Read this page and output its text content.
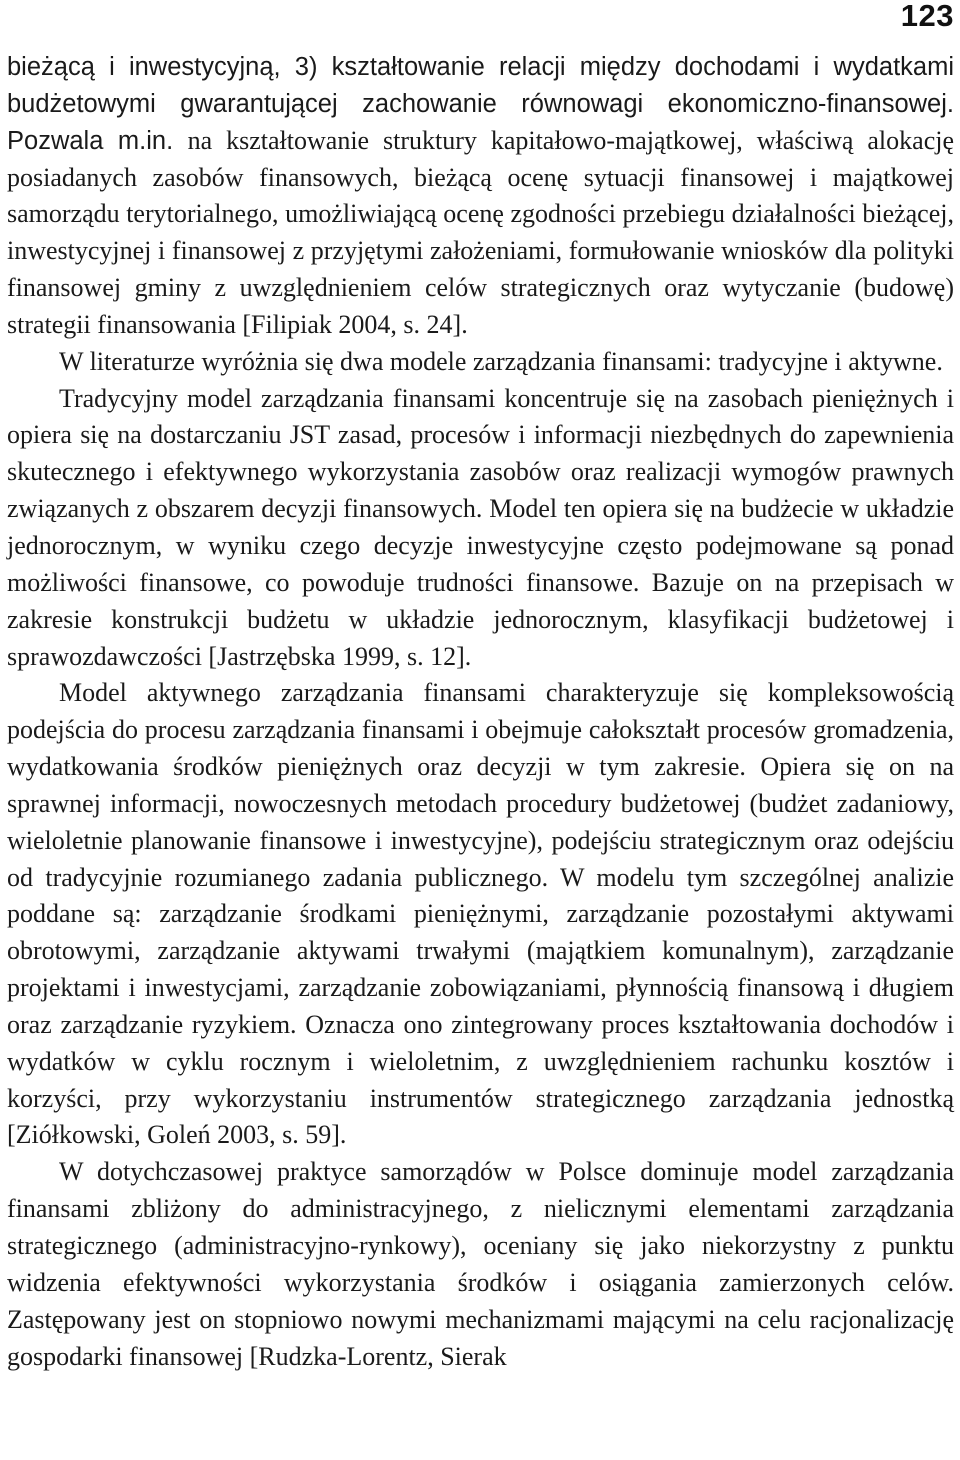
123

bieżącą i inwestycyjną, 3) kształtowanie relacji między dochodami i wydatkami budżetowymi gwarantującej zachowanie równowagi ekonomiczno-finansowej. Pozwala m.in. na kształtowanie struktury kapitałowo-majątkowej, właściwą alokację posiadanych zasobów finansowych, bieżącą ocenę sytuacji finansowej i majątkowej samorządu terytorialnego, umożliwiającą ocenę zgodności przebiegu działalności bieżącej, inwestycyjnej i finansowej z przyjętymi założeniami, formułowanie wniosków dla polityki finansowej gminy z uwzględnieniem celów strategicznych oraz wytyczanie (budowę) strategii finansowania [Filipiak 2004, s. 24].

W literaturze wyróżnia się dwa modele zarządzania finansami: tradycyjne i aktywne.

Tradycyjny model zarządzania finansami koncentruje się na zasobach pieniężnych i opiera się na dostarczaniu JST zasad, procesów i informacji niezbędnych do zapewnienia skutecznego i efektywnego wykorzystania zasobów oraz realizacji wymogów prawnych związanych z obszarem decyzji finansowych. Model ten opiera się na budżecie w układzie jednorocznym, w wyniku czego decyzje inwestycyjne często podejmowane są ponad możliwości finansowe, co powoduje trudności finansowe. Bazuje on na przepisach w zakresie konstrukcji budżetu w układzie jednorocznym, klasyfikacji budżetowej i sprawozdawczości [Jastrzębska 1999, s. 12].

Model aktywnego zarządzania finansami charakteryzuje się kompleksowością podejścia do procesu zarządzania finansami i obejmuje całokształt procesów gromadzenia, wydatkowania środków pieniężnych oraz decyzji w tym zakresie. Opiera się on na sprawnej informacji, nowoczesnych metodach procedury budżetowej (budżet zadaniowy, wieloletnie planowanie finansowe i inwestycyjne), podejściu strategicznym oraz odejściu od tradycyjnie rozumianego zadania publicznego. W modelu tym szczególnej analizie poddane są: zarządzanie środkami pieniężnymi, zarządzanie pozostałymi aktywami obrotowymi, zarządzanie aktywami trwałymi (majątkiem komunalnym), zarządzanie projektami i inwestycjami, zarządzanie zobowiązaniami, płynnością finansową i długiem oraz zarządzanie ryzykiem. Oznacza ono zintegrowany proces kształtowania dochodów i wydatków w cyklu rocznym i wieloletnim, z uwzględnieniem rachunku kosztów i korzyści, przy wykorzystaniu instrumentów strategicznego zarządzania jednostką [Ziółkowski, Goleń 2003, s. 59].

W dotychczasowej praktyce samorządów w Polsce dominuje model zarządzania finansami zbliżony do administracyjnego, z nielicznymi elementami zarządzania strategicznego (administracyjno-rynkowy), oceniany się jako niekorzystny z punktu widzenia efektywności wykorzystania środków i osiągania zamierzonych celów. Zastępowany jest on stopniowo nowymi mechanizmami mającymi na celu racjonalizację gospodarki finansowej [Rudzka-Lorentz, Sierak
